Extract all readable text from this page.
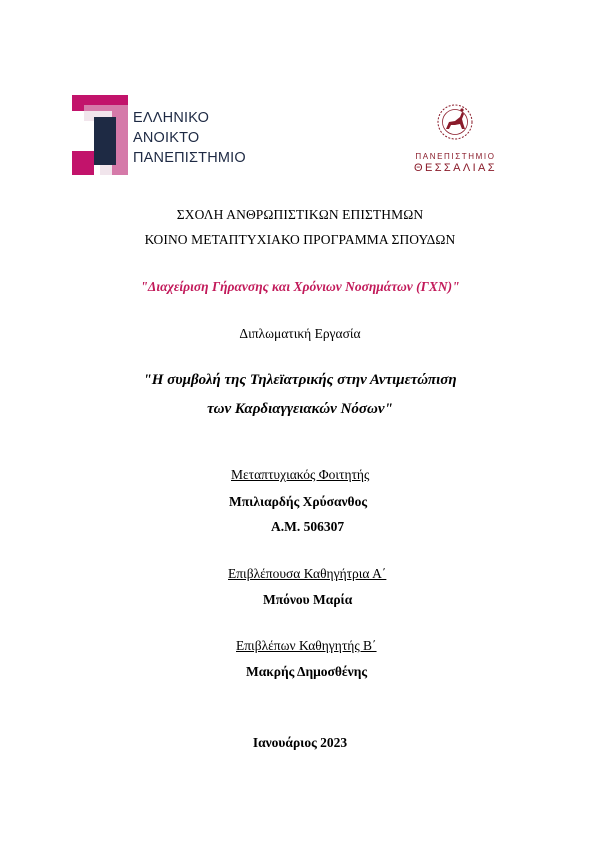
ΕΛΛΗΝΙΚΟ
ΑΝΟΙΚΤΟ
ΠΑΝΕΠΙΣΤΗΜΙΟ	ΠΑΝΕΠΙΣΤΗΜΙΟ
ΘΕΣΣΑΛΙΑΣ
ΣΧΟΛΗ ΑΝΘΡΩΠΙΣΤΙΚΩΝ ΕΠΙΣΤΗΜΩΝ
ΚΟΙΝΟ ΜΕΤΑΠΤΥΧΙΑΚΟ ΠΡΟΓΡΑΜΜΑ ΣΠΟΥΔΩΝ
"Διαχείριση Γήρανσης και Χρόνιων Νοσημάτων (ΓΧΝ)"
Διπλωματική Εργασία
"Η συμβολή της Τηλεϊατρικής στην Αντιμετώπιση
των Καρδιαγγειακών Νόσων"
Μεταπτυχιακός Φοιτητής
Μπιλιαρδής Χρύσανθος
Α.Μ. 506307
Επιβλέπουσα Καθηγήτρια Α΄
Μπόνου Μαρία
Επιβλέπων Καθηγητής Β΄
Μακρής Δημοσθένης
Ιανουάριος 2023
